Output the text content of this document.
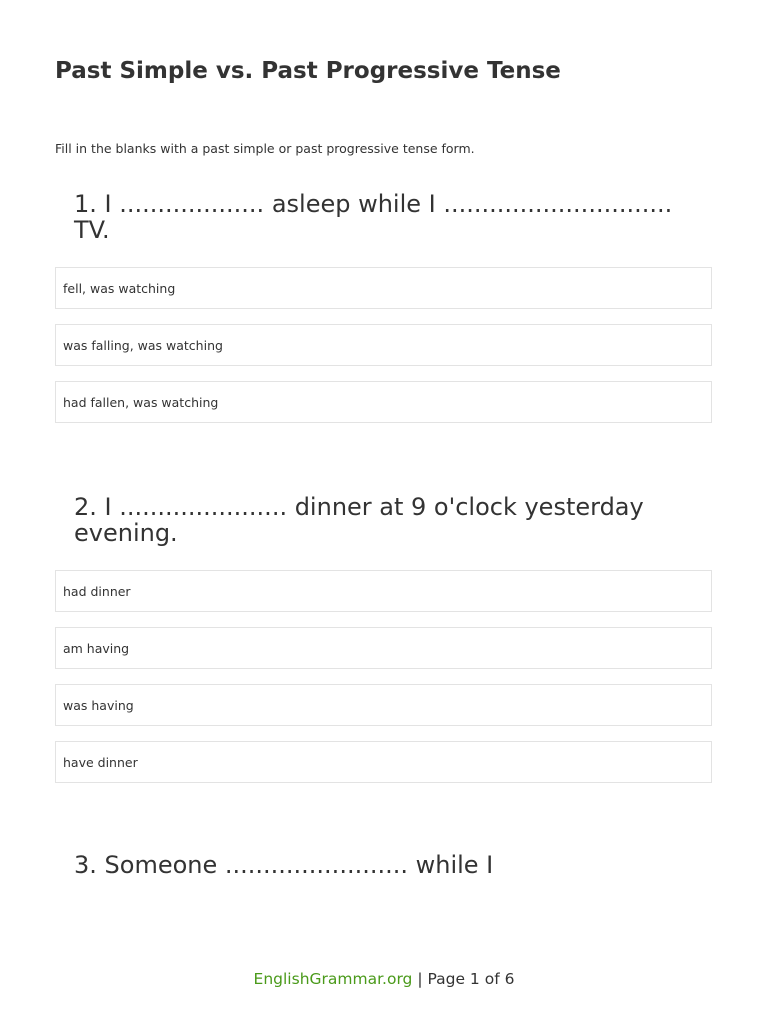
Past Simple vs. Past Progressive Tense

Fill in the blanks with a past simple or past progressive tense form.

1. I ................... asleep while I .............................. TV.
fell, was watching
was falling, was watching
had fallen, was watching
2. I ...................... dinner at 9 o'clock yesterday evening.
had dinner
am having
was having
have dinner
3. Someone ........................ while I
EnglishGrammar.org | Page 1 of 6
